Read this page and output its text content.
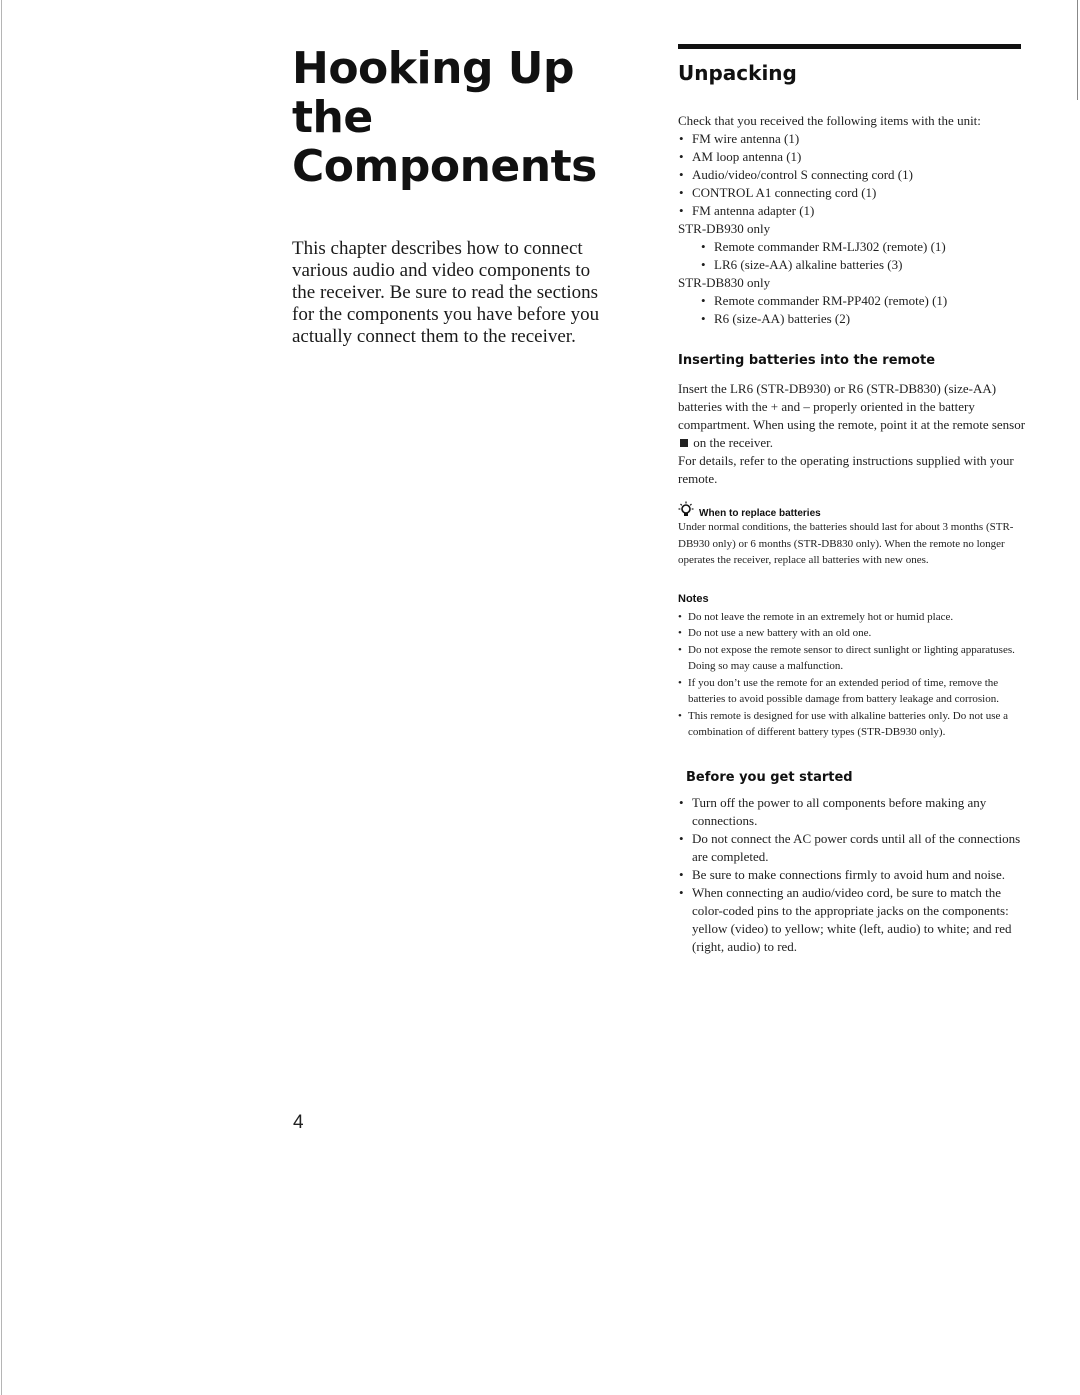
Hooking Up
the
Components

This chapter describes how to connect various audio and video components to the receiver. Be sure to read the sections for the components you have before you actually connect them to the receiver.

4
Unpacking

Check that you received the following items with the unit:

• FM wire antenna (1)
• AM loop antenna (1)
• Audio/video/control S connecting cord (1)
• CONTROL A1 connecting cord (1)
• FM antenna adapter (1)

STR-DB930 only

• Remote commander RM-LJ302 (remote) (1)
• LR6 (size-AA) alkaline batteries (3)

STR-DB830 only

• Remote commander RM-PP402 (remote) (1)
• R6 (size-AA) batteries (2)
Inserting batteries into the remote

Insert the LR6 (STR-DB930) or R6 (STR-DB830) (size-AA) batteries with the + and – properly oriented in the battery compartment. When using the remote, point it at the remote sensor  on the receiver.

For details, refer to the operating instructions supplied with your remote.

When to replace batteries

Under normal conditions, the batteries should last for about 3 months (STR-DB930 only) or 6 months (STR-DB830 only). When the remote no longer operates the receiver, replace all batteries with new ones.

Notes
• Do not leave the remote in an extremely hot or humid place.
• Do not use a new battery with an old one.
• Do not expose the remote sensor to direct sunlight or lighting apparatuses. Doing so may cause a malfunction.
• If you don’t use the remote for an extended period of time, remove the batteries to avoid possible damage from battery leakage and corrosion.
• This remote is designed for use with alkaline batteries only. Do not use a combination of different battery types (STR-DB930 only).
Before you get started
• Turn off the power to all components before making any connections.
• Do not connect the AC power cords until all of the connections are completed.
• Be sure to make connections firmly to avoid hum and noise.
• When connecting an audio/video cord, be sure to match the color-coded pins to the appropriate jacks on the components: yellow (video) to yellow; white (left, audio) to white; and red (right, audio) to red.
